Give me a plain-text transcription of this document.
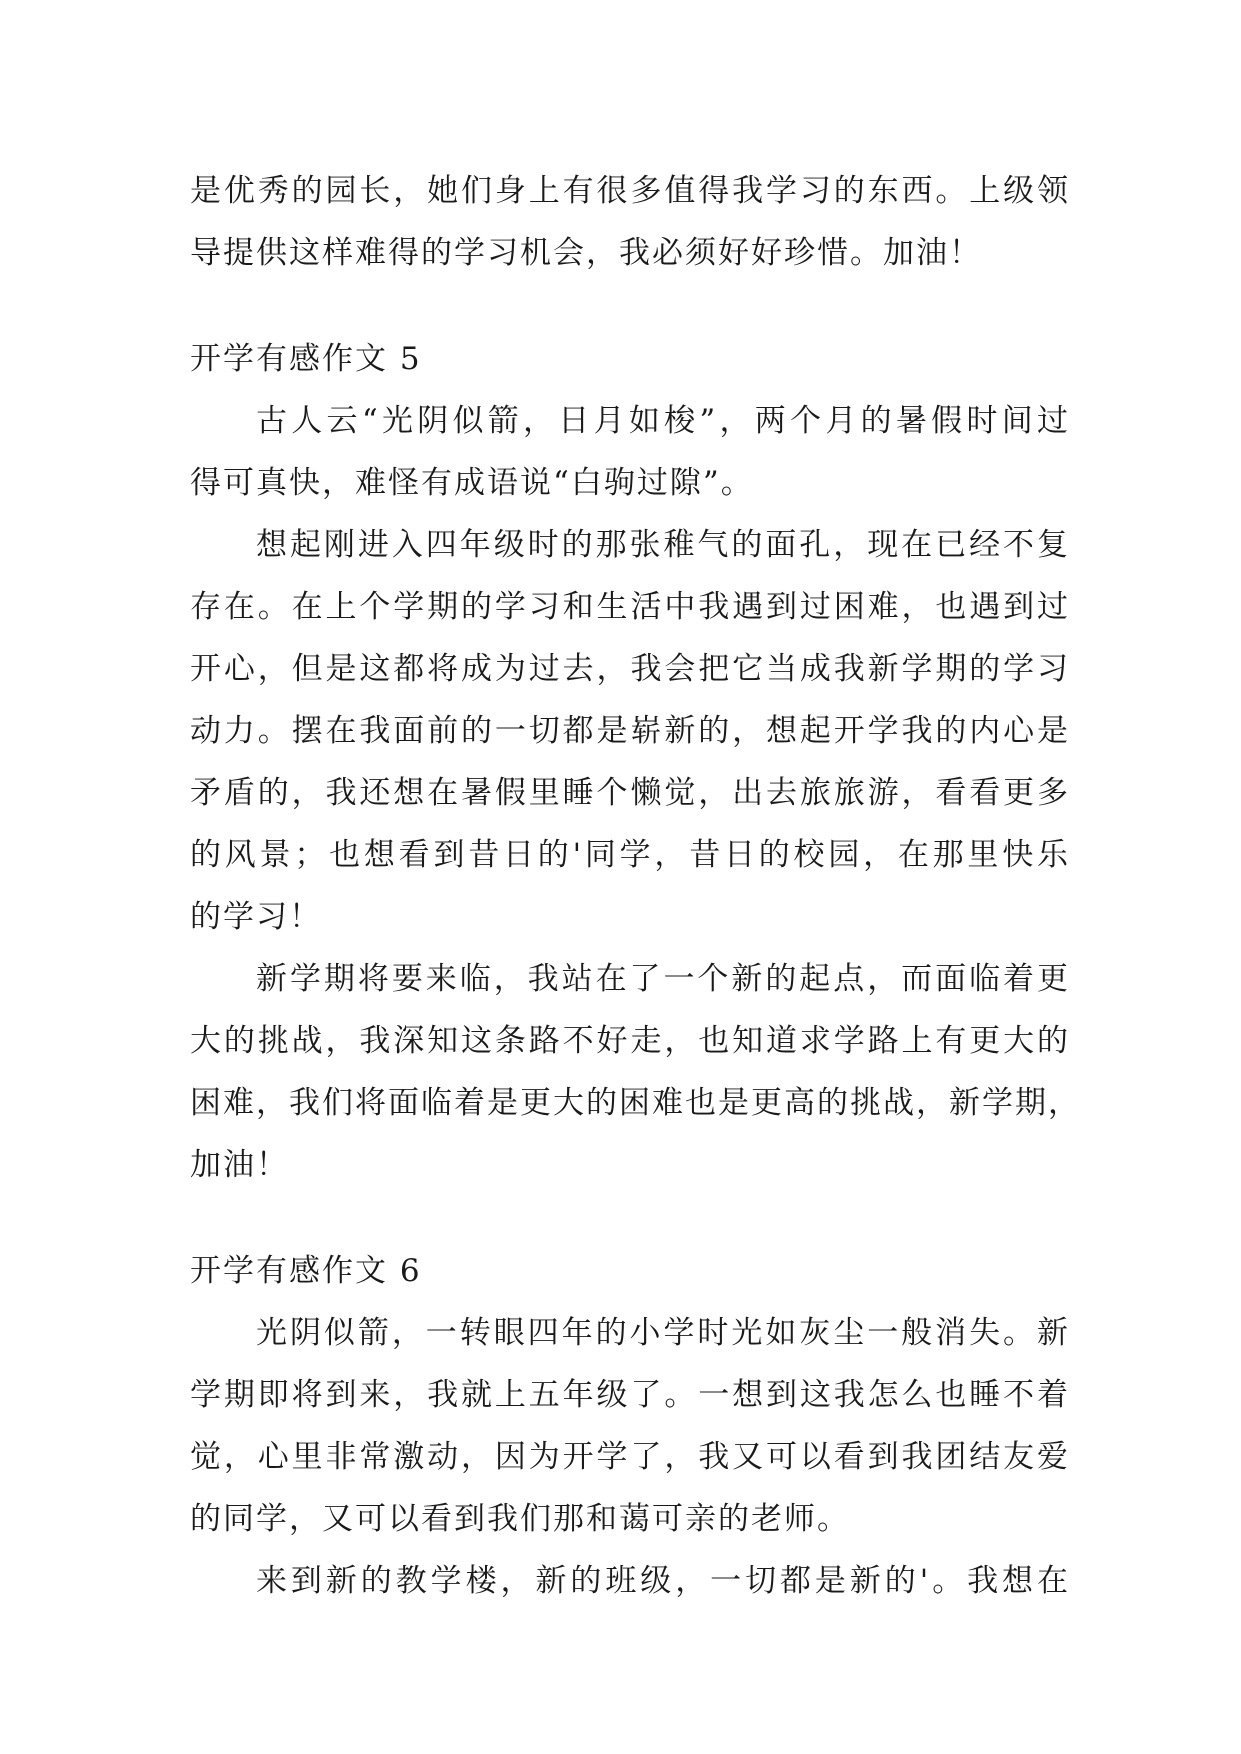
是优秀的园长，她们身上有很多值得我学习的东西。上级领
导提供这样难得的学习机会，我必须好好珍惜。加油！
开学有感作文 5
古人云“光阴似箭，日月如梭”，两个月的暑假时间过
得可真快，难怪有成语说“白驹过隙”。
想起刚进入四年级时的那张稚气的面孔，现在已经不复
存在。在上个学期的学习和生活中我遇到过困难，也遇到过
开心，但是这都将成为过去，我会把它当成我新学期的学习
动力。摆在我面前的一切都是崭新的，想起开学我的内心是
矛盾的，我还想在暑假里睡个懒觉，出去旅旅游，看看更多
的风景；也想看到昔日的'同学，昔日的校园，在那里快乐
的学习！
新学期将要来临，我站在了一个新的起点，而面临着更
大的挑战，我深知这条路不好走，也知道求学路上有更大的
困难，我们将面临着是更大的困难也是更高的挑战，新学期，
加油！
开学有感作文 6
光阴似箭，一转眼四年的小学时光如灰尘一般消失。新
学期即将到来，我就上五年级了。一想到这我怎么也睡不着
觉，心里非常激动，因为开学了，我又可以看到我团结友爱
的同学，又可以看到我们那和蔼可亲的老师。
来到新的教学楼，新的班级，一切都是新的'。我想在
